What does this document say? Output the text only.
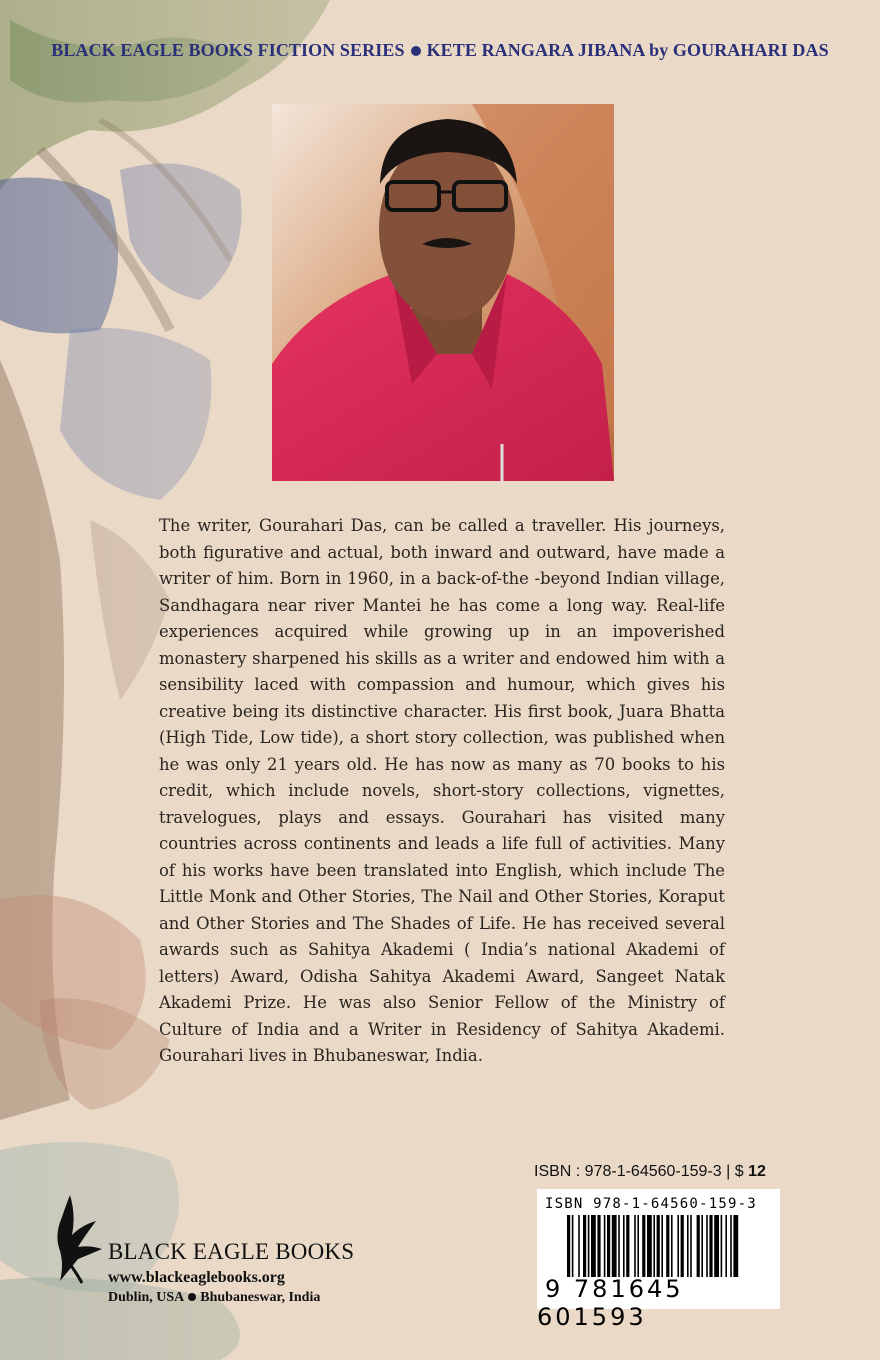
BLACK EAGLE BOOKS FICTION SERIES KETE RANGARA JIBANA by GOURAHARI DAS

The writer, Gourahari Das, can be called a traveller. His journeys, both figurative and actual, both inward and outward, have made a writer of him. Born in 1960, in a back-of-the -beyond Indian village, Sandhagara near river Mantei he has come a long way. Real-life experiences acquired while growing up in an impoverished monastery sharpened his skills as a writer and endowed him with a sensibility laced with compassion and humour, which gives his creative being its distinctive character. His first book, Juara Bhatta (High Tide, Low tide), a short story collection, was published when he was only 21 years old. He has now as many as 70 books to his credit, which include novels, short-story collections, vignettes, travelogues, plays and essays. Gourahari has visited many countries across continents and leads a life full of activities. Many of his works have been translated into English, which include The Little Monk and Other Stories, The Nail and Other Stories, Koraput and Other Stories and The Shades of Life. He has received several awards such as Sahitya Akademi ( India’s national Akademi of letters) Award, Odisha Sahitya Akademi Award, Sangeet Natak Akademi Prize. He was also Senior Fellow of the Ministry of Culture of India and a Writer in Residency of Sahitya Akademi. Gourahari lives in Bhubaneswar, India.

ISBN : 978-1-64560-159-3 | $ 12
ISBN 978-1-64560-159-3
9 781645 601593
BLACK EAGLE BOOKS
www.blackeaglebooks.org
Dublin, USA Bhubaneswar, India
